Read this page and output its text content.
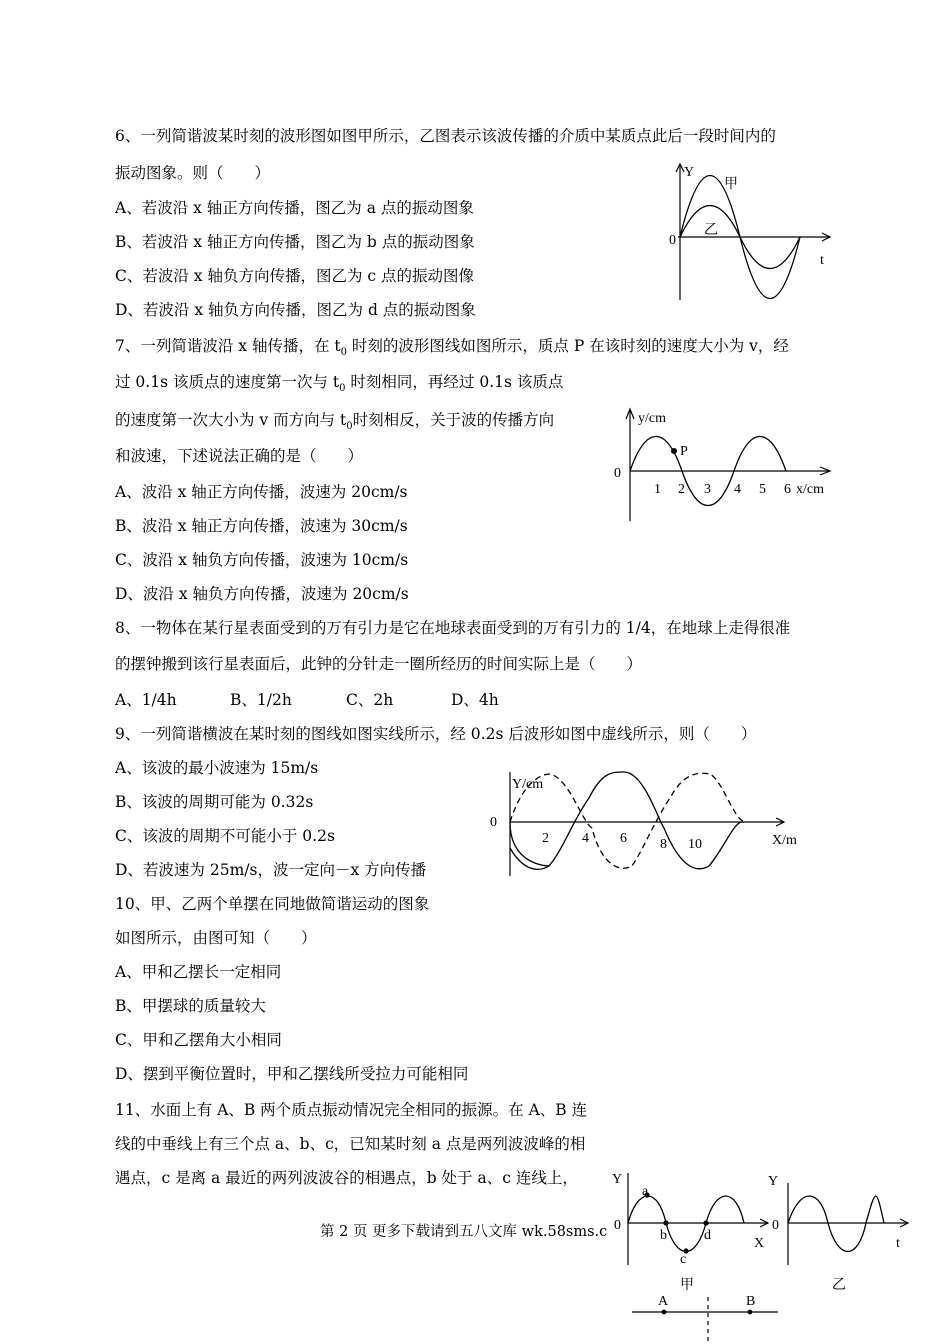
6、一列简谐波某时刻的波形图如图甲所示，乙图表示该波传播的介质中某质点此后一段时间内的
振动图象。则（　　）
A、若波沿 x 轴正方向传播，图乙为 a 点的振动图象
B、若波沿 x 轴正方向传播，图乙为 b 点的振动图象
C、若波沿 x 轴负方向传播，图乙为 c 点的振动图像
D、若波沿 x 轴负方向传播，图乙为 d 点的振动图象
Y
甲
乙
0
t
7、一列简谐波沿 x 轴传播，在 $t_0$ 时刻的波形图线如图所示，质点 P 在该时刻的速度大小为 v，经
过 0.1s 该质点的速度第一次与 $t_0$ 时刻相同，再经过 0.1s 该质点
的速度第一次大小为 v 而方向与 $t_0$时刻相反，关于波的传播方向
和波速，下述说法正确的是（　　）
A、波沿 x 轴正方向传播，波速为 20cm/s
B、波沿 x 轴正方向传播，波速为 30cm/s
C、波沿 x 轴负方向传播，波速为 10cm/s
D、波沿 x 轴负方向传播，波速为 20cm/s
y/cm
P
0
1 2 3 4 5 6 x/cm
8、一物体在某行星表面受到的万有引力是它在地球表面受到的万有引力的 1/4，在地球上走得很准
的摆钟搬到该行星表面后，此钟的分针走一圈所经历的时间实际上是（　　）
A、1/4h	B、1/2h	C、2h	D、4h
9、一列简谐横波在某时刻的图线如图实线所示，经 0.2s 后波形如图中虚线所示，则（　　）
A、该波的最小波速为 15m/s
B、该波的周期可能为 0.32s
C、该波的周期不可能小于 0.2s
D、若波速为 25m/s，波一定向－x 方向传播
Y/cm
0
2 4 6 8 10	X/m
10、甲、乙两个单摆在同地做简谐运动的图象
如图所示，由图可知（　　）
A、甲和乙摆长一定相同
B、甲摆球的质量较大
C、甲和乙摆角大小相同
D、摆到平衡位置时，甲和乙摆线所受拉力可能相同
11、水面上有 A、B 两个质点振动情况完全相同的振源。在 A、B 连
线的中垂线上有三个点 a、b、c，已知某时刻 a 点是两列波波峰的相
遇点，c 是离 a 最近的两列波波谷的相遇点，b 处于 a、c 连线上， Y
a
0
b
c
d
X
甲
Y
0
t
乙
A	B
第 2 页 更多下载请到五八文库 wk.58sms.c
